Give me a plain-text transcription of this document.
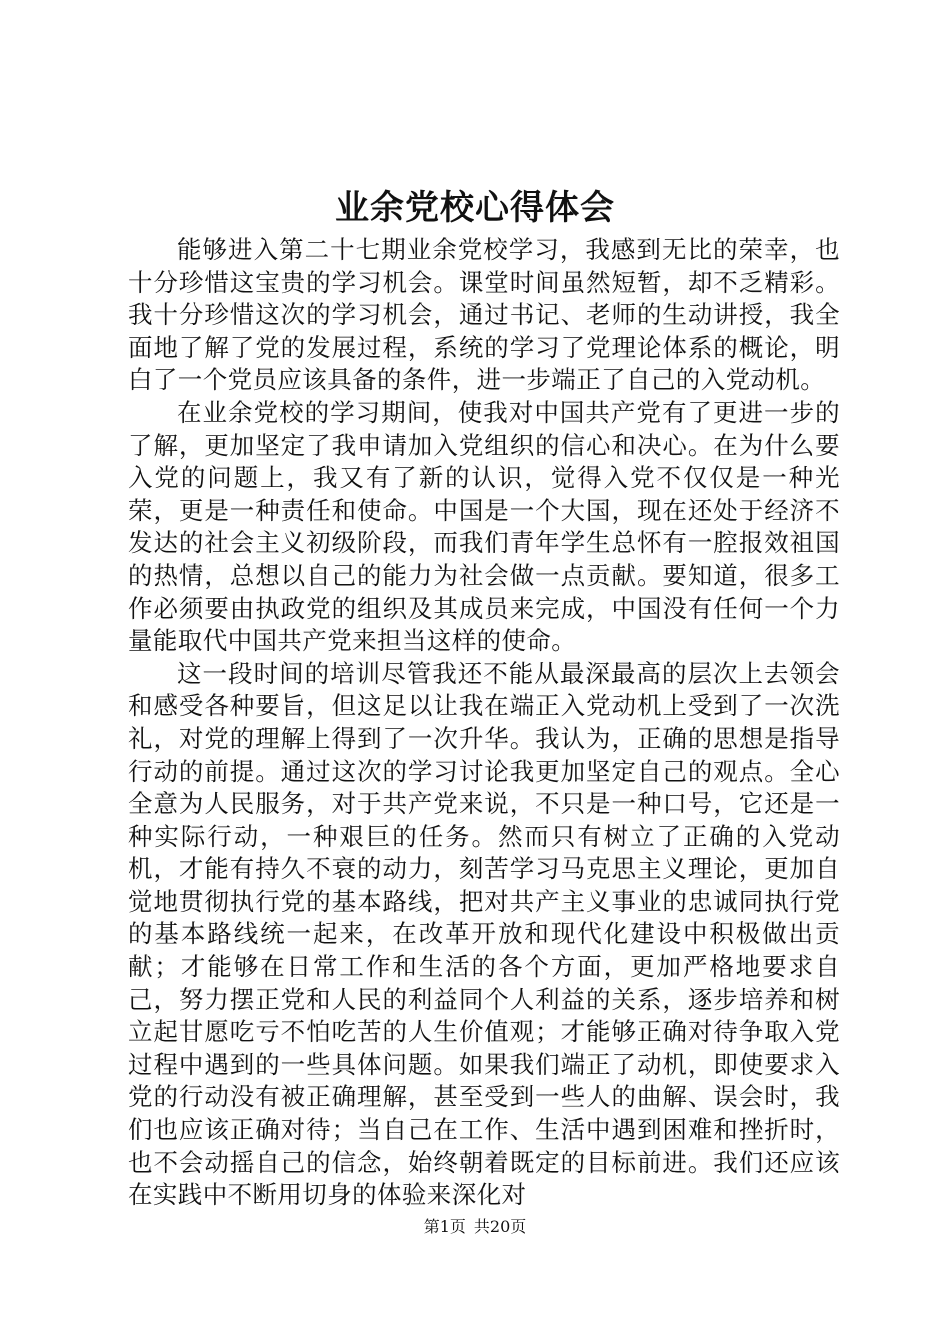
业余党校心得体会

能够进入第二十七期业余党校学习，我感到无比的荣幸，也十分珍惜这宝贵的学习机会。课堂时间虽然短暂，却不乏精彩。我十分珍惜这次的学习机会，通过书记、老师的生动讲授，我全面地了解了党的发展过程，系统的学习了党理论体系的概论，明白了一个党员应该具备的条件，进一步端正了自己的入党动机。

在业余党校的学习期间，使我对中国共产党有了更进一步的了解，更加坚定了我申请加入党组织的信心和决心。在为什么要入党的问题上，我又有了新的认识，觉得入党不仅仅是一种光荣，更是一种责任和使命。中国是一个大国，现在还处于经济不发达的社会主义初级阶段，而我们青年学生总怀有一腔报效祖国的热情，总想以自己的能力为社会做一点贡献。要知道，很多工作必须要由执政党的组织及其成员来完成，中国没有任何一个力量能取代中国共产党来担当这样的使命。

这一段时间的培训尽管我还不能从最深最高的层次上去领会和感受各种要旨，但这足以让我在端正入党动机上受到了一次洗礼，对党的理解上得到了一次升华。我认为，正确的思想是指导行动的前提。通过这次的学习讨论我更加坚定自己的观点。全心全意为人民服务，对于共产党来说，不只是一种口号，它还是一种实际行动，一种艰巨的任务。然而只有树立了正确的入党动机，才能有持久不衰的动力，刻苦学习马克思主义理论，更加自觉地贯彻执行党的基本路线，把对共产主义事业的忠诚同执行党的基本路线统一起来，在改革开放和现代化建设中积极做出贡献；才能够在日常工作和生活的各个方面，更加严格地要求自己，努力摆正党和人民的利益同个人利益的关系，逐步培养和树立起甘愿吃亏不怕吃苦的人生价值观；才能够正确对待争取入党过程中遇到的一些具体问题。如果我们端正了动机，即使要求入党的行动没有被正确理解，甚至受到一些人的曲解、误会时，我们也应该正确对待；当自己在工作、生活中遇到困难和挫折时，也不会动摇自己的信念，始终朝着既定的目标前进。我们还应该在实践中不断用切身的体验来深化对

第1页 共20页
